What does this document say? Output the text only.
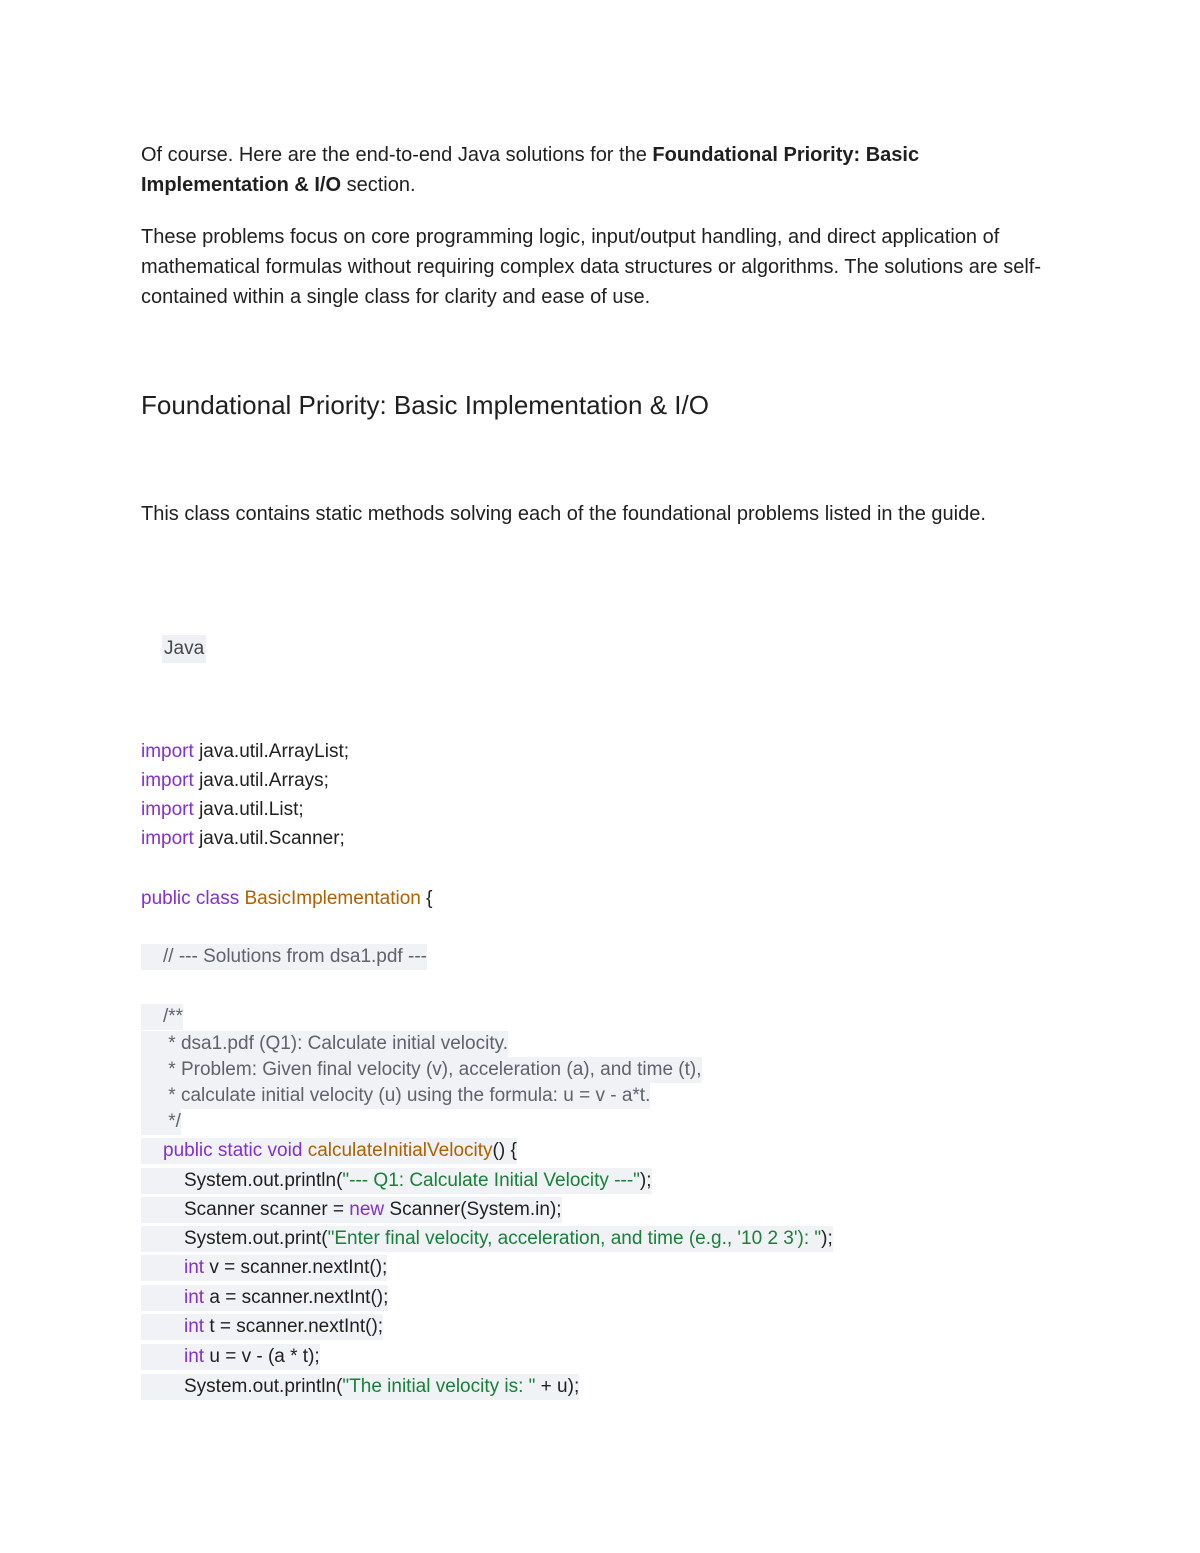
Of course. Here are the end-to-end Java solutions for the Foundational Priority: Basic Implementation & I/O section.

These problems focus on core programming logic, input/output handling, and direct application of mathematical formulas without requiring complex data structures or algorithms. The solutions are self-contained within a single class for clarity and ease of use.

Foundational Priority: Basic Implementation & I/O

This class contains static methods solving each of the foundational problems listed in the guide.

Java
import java.util.ArrayList;
import java.util.Arrays;
import java.util.List;
import java.util.Scanner;
public class BasicImplementation {
// --- Solutions from dsa1.pdf ---
/**
* dsa1.pdf (Q1): Calculate initial velocity.
* Problem: Given final velocity (v), acceleration (a), and time (t),
* calculate initial velocity (u) using the formula: u = v - a*t.
*/
public static void calculateInitialVelocity() {
System.out.println("--- Q1: Calculate Initial Velocity ---");
Scanner scanner = new Scanner(System.in);
System.out.print("Enter final velocity, acceleration, and time (e.g., '10 2 3'): ");
int v = scanner.nextInt();
int a = scanner.nextInt();
int t = scanner.nextInt();
int u = v - (a * t);
System.out.println("The initial velocity is: " + u);
